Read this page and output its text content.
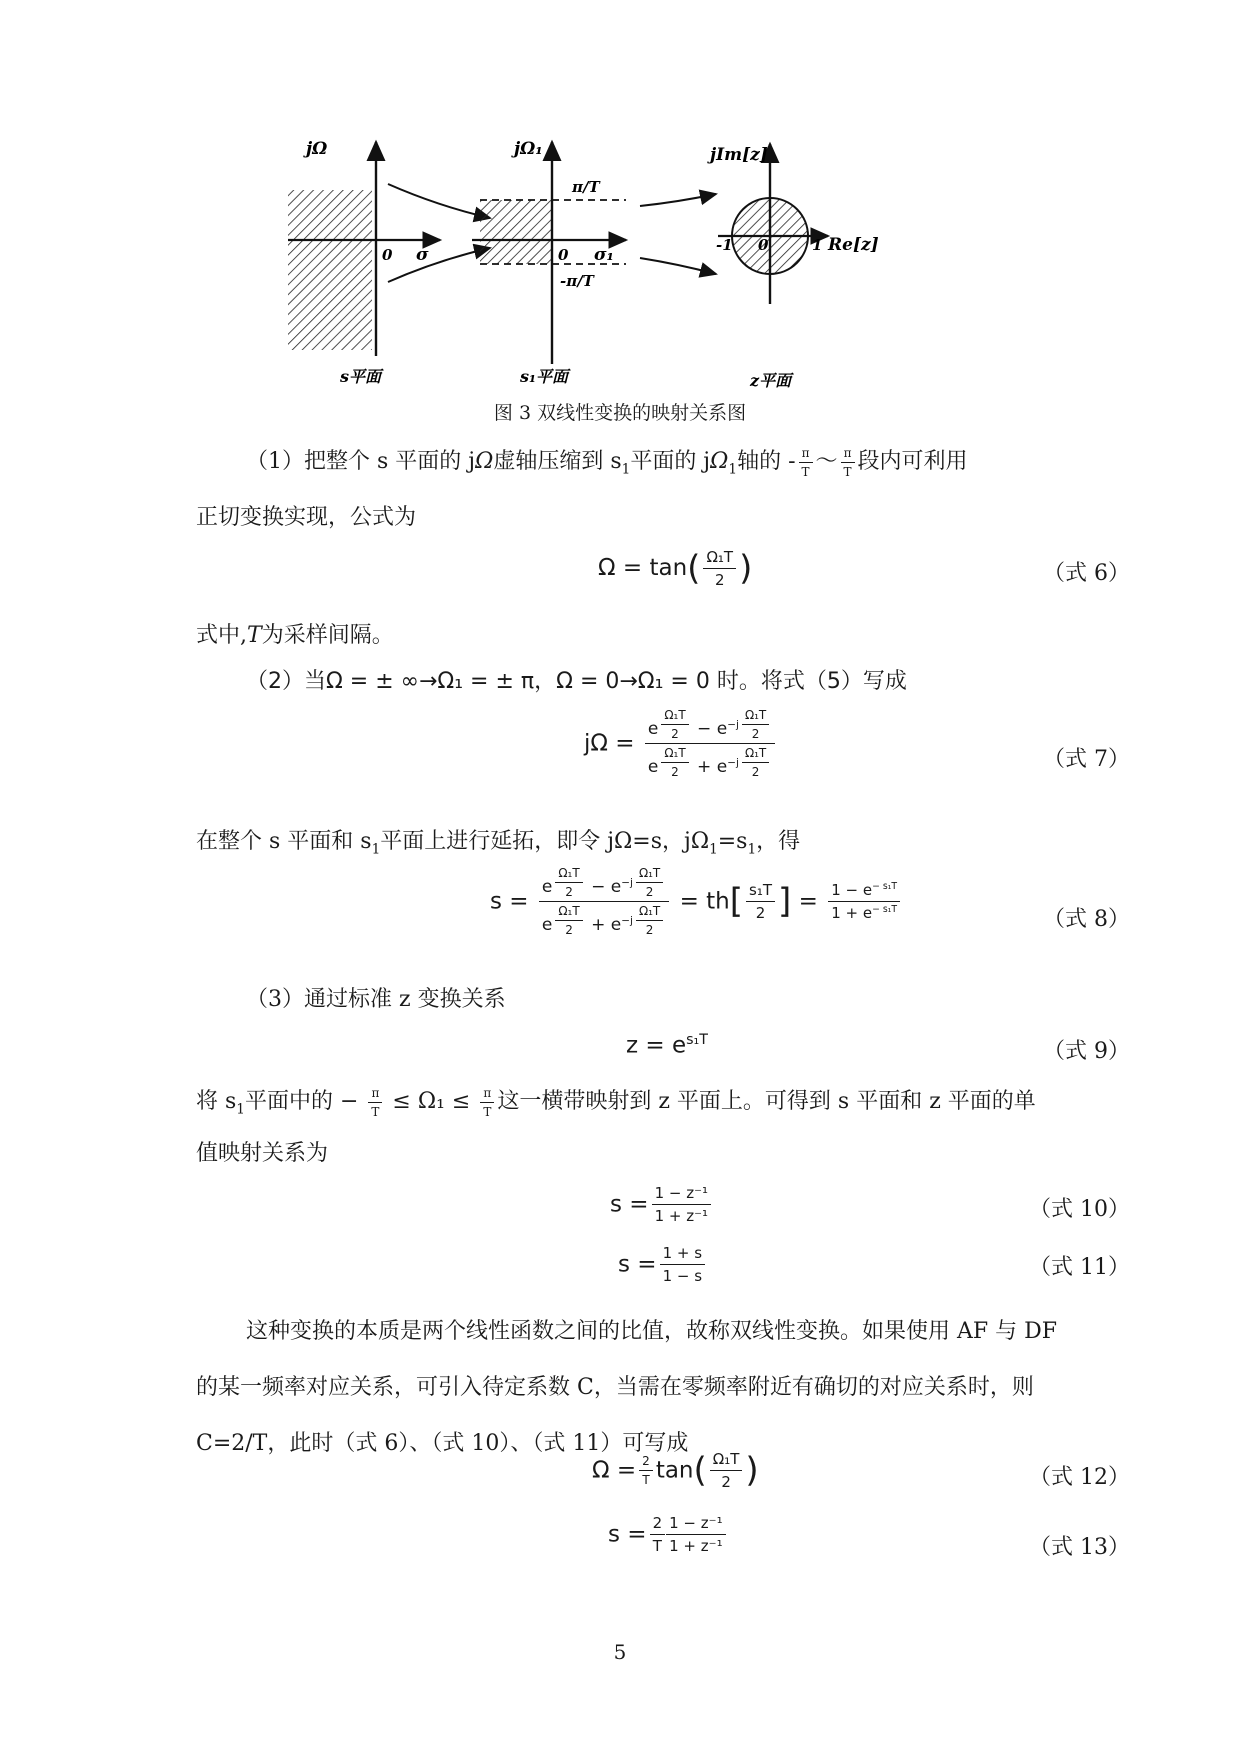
jΩ
0 σ
s平面
jΩ₁
π/T
0 σ₁
-π/T
s₁平面
jIm[z]
-1 0	1 Re[z]
z平面
图 3 双线性变换的映射关系图
（1）把整个 s 平面的 jΩ虚轴压缩到 $s_1$平面的 $j\Omega_1$轴的 - $\frac{\pi}{T}$ ～ $\frac{\pi}{T}$ 段内可利用
正切变换实现，公式为
$\Omega = \tan( \frac{\text{Ω₁T}}{2}$ )	（式 6）
式中,T为采样间隔。
（2）当Ω = ± ∞→Ω₁ = ± π，Ω = 0→Ω₁ = 0 时。将式（5）写成
jΩ = e $^{\frac{\text{Ω₁T}}{2}} - e^{-j \frac{\text{Ω₁T}}{2}}$
e $^{\frac{\text{Ω₁T}}{2}} + e^{-j \frac{\text{Ω₁T}}{2}}$	（式 7）
在整个 s 平面和 $s_1$平面上进行延拓，即令 jΩ=s，$j\Omega_1=s_1$，得
s = e $^{\frac{\text{Ω₁T}}{2}} - e^{-j \frac{\text{Ω₁T}}{2}}$
e $^{\frac{\text{Ω₁T}}{2}} + e^{-j \frac{\text{Ω₁T}}{2}} = th[ \frac{\text{s₁T}}{2}$ ] = $\frac{1 - e^{- s_1T}}{1 + e^{- s_1T}}$	（式 8）
（3）通过标准 z 变换关系
$z = e^{s_1T}$	（式 9）
将 $s_1$平面中的 − $\frac{\pi}{T} \le \Omega_1 \le \frac{\pi}{T}$ 这一横带映射到 z 平面上。可得到 s 平面和 z 平面的单
值映射关系为
$s = \frac{\text{1 − z⁻¹}}{\text{1 + z⁻¹}}$	（式 10）
$s = \frac{1 + s}{1 - s}$	（式 11）
这种变换的本质是两个线性函数之间的比值，故称双线性变换。如果使用 AF 与 DF 的某一频率对应关系，可引入待定系数 C，当需在零频率附近有确切的对应关系时，则 C=2/T，此时（式 6）、（式 10）、（式 11）可写成
$\Omega = \frac{2}{T} \tan( \frac{\text{Ω₁T}}{2}$ )	（式 12）
$s = \frac{2}{T} \frac{\text{1 − z⁻¹}}{\text{1 + z⁻¹}}$	（式 13）
5
